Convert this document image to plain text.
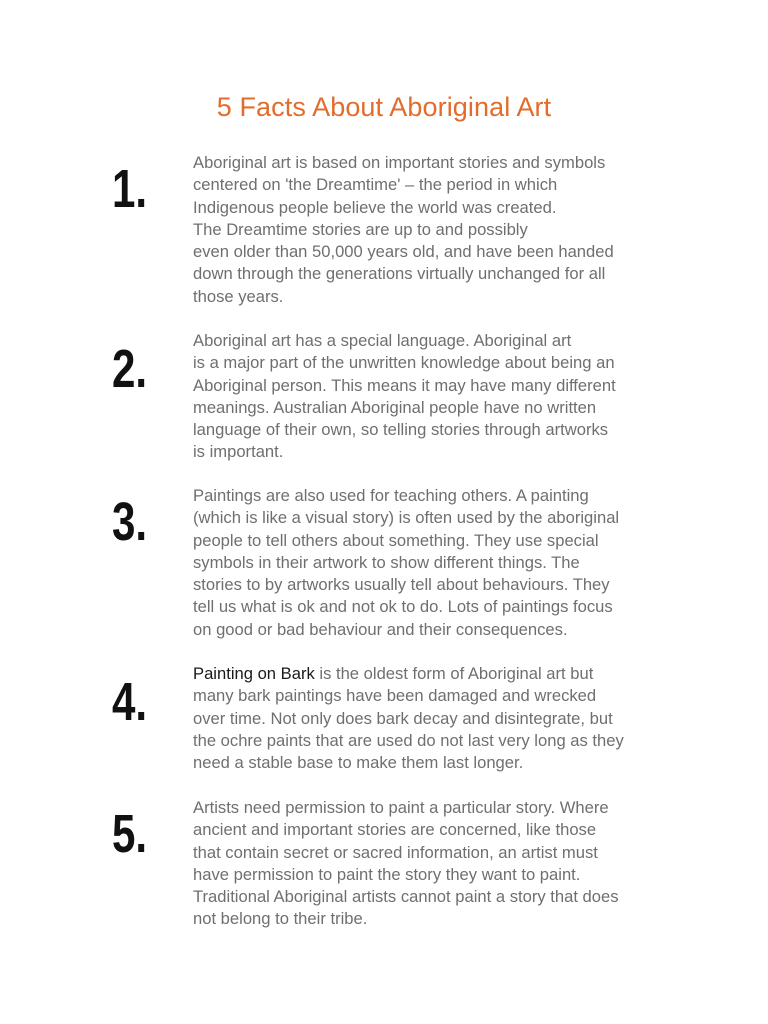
5 Facts About Aboriginal Art
1.	Aboriginal art is based on important stories and symbols
centered on 'the Dreamtime' – the period in which
Indigenous people believe the world was created.
The Dreamtime stories are up to and possibly
even older than 50,000 years old, and have been handed
down through the generations virtually unchanged for all
those years.

2.	Aboriginal art has a special language. Aboriginal art
is a major part of the unwritten knowledge about being an
Aboriginal person. This means it may have many different
meanings. Australian Aboriginal people have no written
language of their own, so telling stories through artworks
is important.

3.	Paintings are also used for teaching others. A painting
(which is like a visual story) is often used by the aboriginal
people to tell others about something. They use special
symbols in their artwork to show different things. The
stories to by artworks usually tell about behaviours. They
tell us what is ok and not ok to do. Lots of paintings focus
on good or bad behaviour and their consequences.

4.	Painting on Bark is the oldest form of Aboriginal art but
many bark paintings have been damaged and wrecked
over time. Not only does bark decay and disintegrate, but
the ochre paints that are used do not last very long as they
need a stable base to make them last longer.

5.	Artists need permission to paint a particular story. Where
ancient and important stories are concerned, like those
that contain secret or sacred information, an artist must
have permission to paint the story they want to paint.
Traditional Aboriginal artists cannot paint a story that does
not belong to their tribe.
